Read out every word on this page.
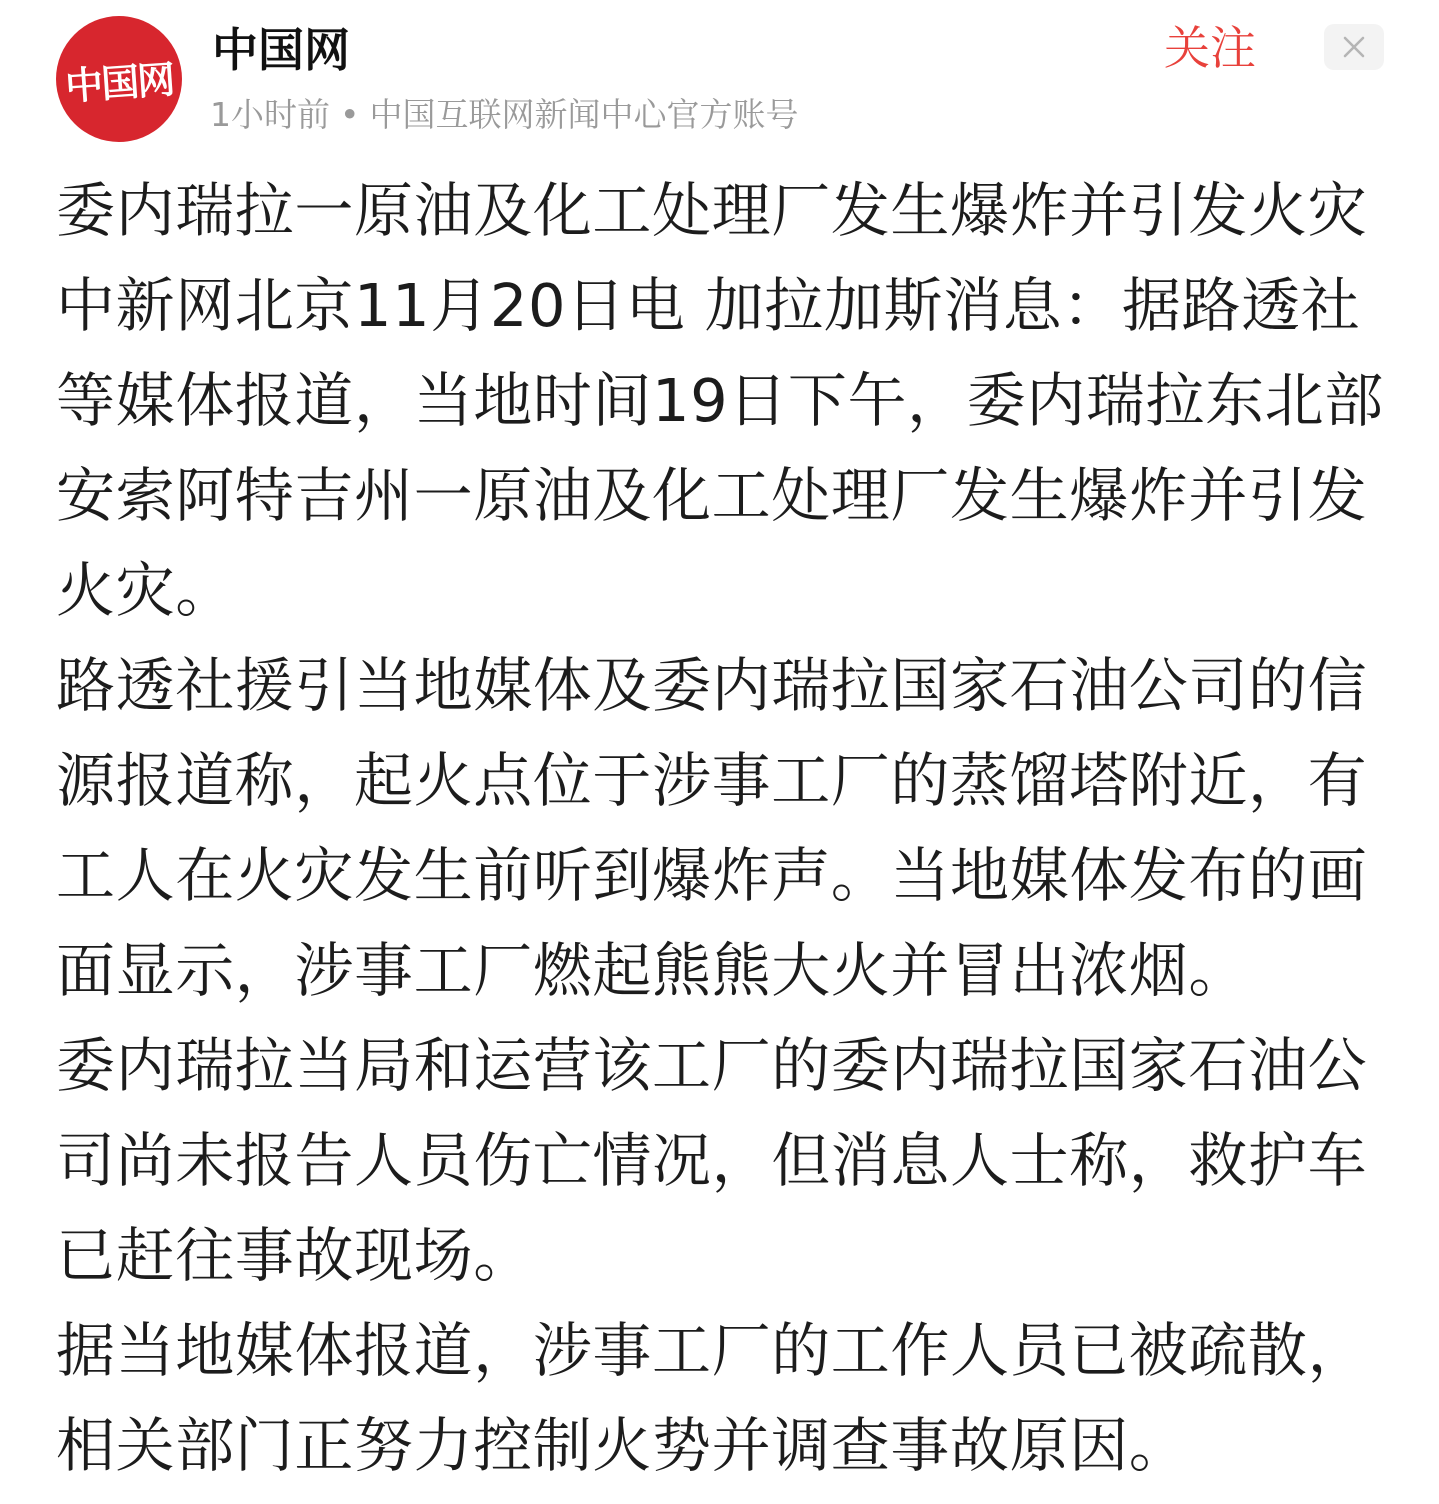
中国网
中国网
1小时前 • 中国互联网新闻中心官方账号
关注
委内瑞拉一原油及化工处理厂发生爆炸并引发火灾
中新网北京11月20日电 加拉加斯消息：据路透社
等媒体报道，当地时间19日下午，委内瑞拉东北部
安索阿特吉州一原油及化工处理厂发生爆炸并引发
火灾。
路透社援引当地媒体及委内瑞拉国家石油公司的信
源报道称，起火点位于涉事工厂的蒸馏塔附近，有
工人在火灾发生前听到爆炸声。当地媒体发布的画
面显示，涉事工厂燃起熊熊大火并冒出浓烟。
委内瑞拉当局和运营该工厂的委内瑞拉国家石油公
司尚未报告人员伤亡情况，但消息人士称，救护车
已赶往事故现场。
据当地媒体报道，涉事工厂的工作人员已被疏散，
相关部门正努力控制火势并调查事故原因。
